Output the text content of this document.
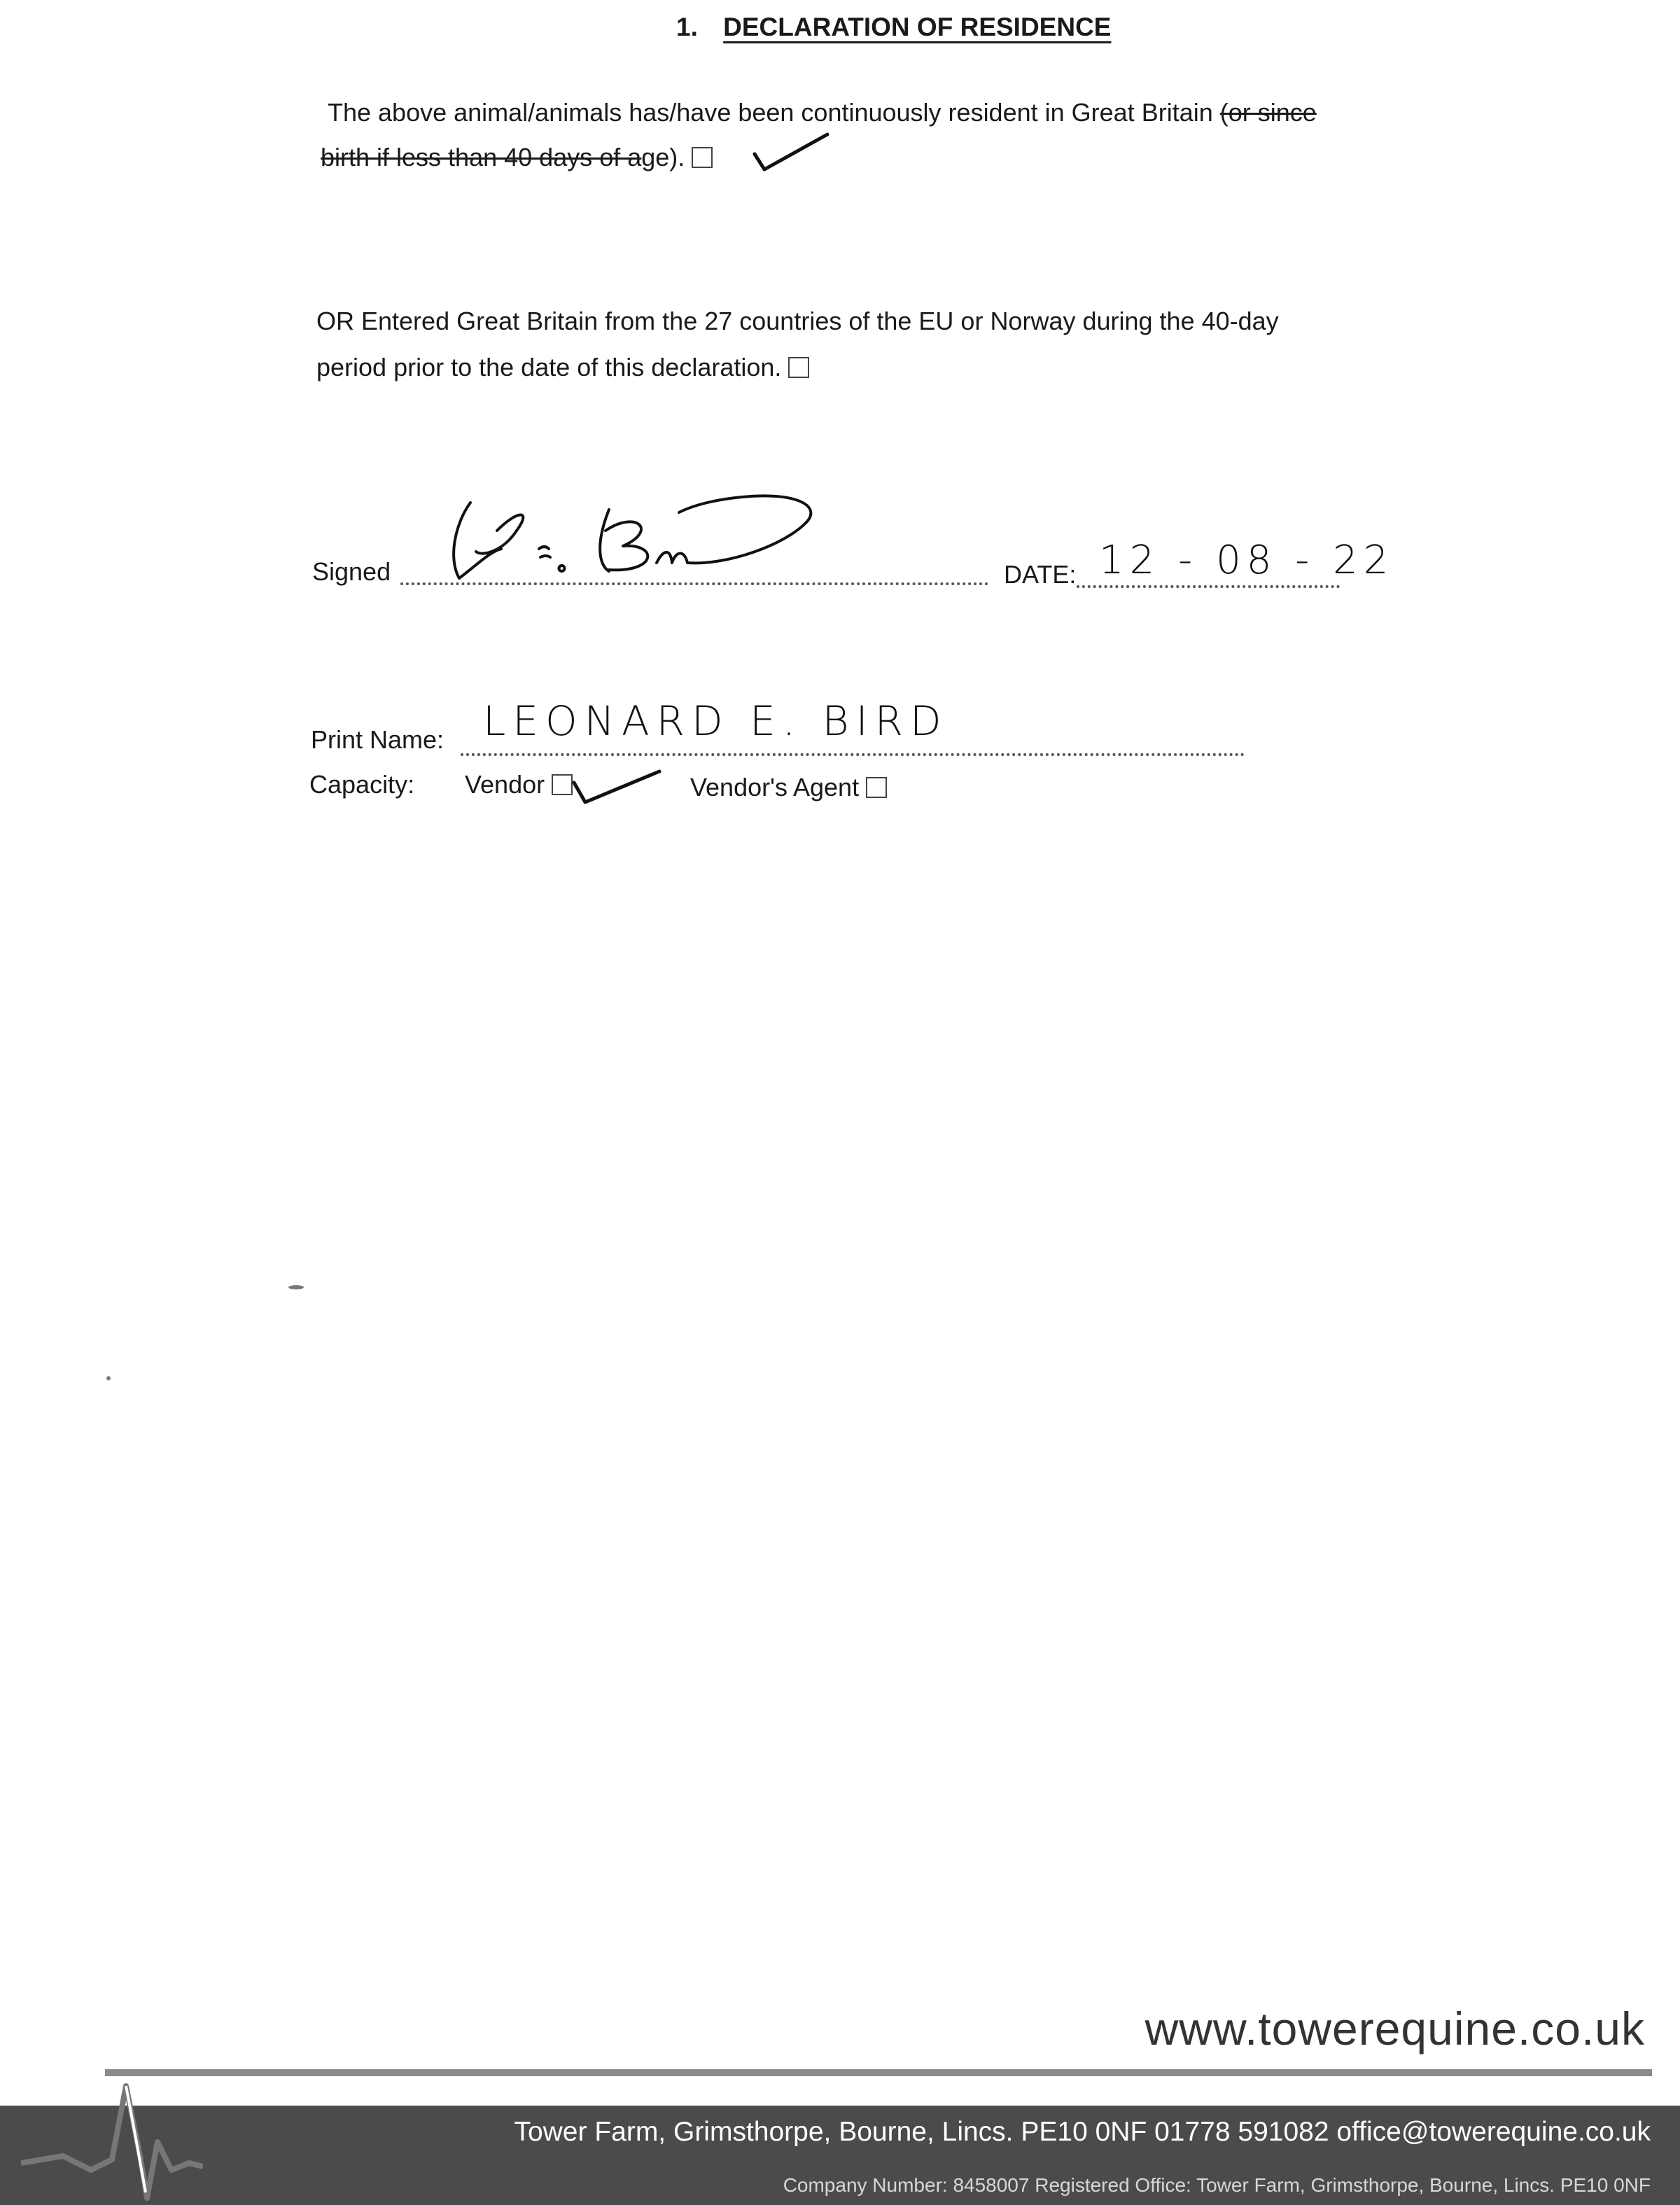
1. DECLARATION OF RESIDENCE
The above animal/animals has/have been continuously resident in Great Britain (or since
birth if less than 40 days of age).
OR Entered Great Britain from the 27 countries of the EU or Norway during the 40-day
period prior to the date of this declaration.
Signed	DATE: 12 - 08 - 22
Print Name: LEONARD E. BIRD
Capacity: Vendor	Vendor's Agent
www.towerequine.co.uk
Tower Farm, Grimsthorpe, Bourne, Lincs. PE10 0NF 01778 591082 office@towerequine.co.uk
Company Number: 8458007 Registered Office: Tower Farm, Grimsthorpe, Bourne, Lincs. PE10 0NF
